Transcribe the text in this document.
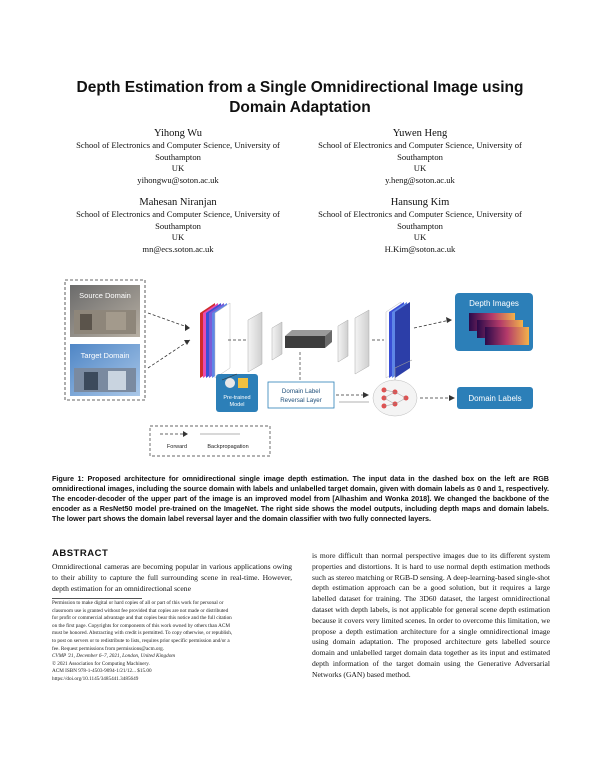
Depth Estimation from a Single Omnidirectional Image using
Domain Adaptation
Yihong Wu
School of Electronics and Computer Science, University of
Southampton
UK
yihongwu@soton.ac.uk
Yuwen Heng
School of Electronics and Computer Science, University of
Southampton
UK
y.heng@soton.ac.uk
Mahesan Niranjan
School of Electronics and Computer Science, University of
Southampton
UK
mn@ecs.soton.ac.uk
Hansung Kim
School of Electronics and Computer Science, University of
Southampton
UK
H.Kim@soton.ac.uk
Source Domain
Target Domain
Depth Images
Pre-trained
Model
Domain Label
Reversal Layer	Domain Labels
Forward	Backpropagation
Figure 1: Proposed architecture for omnidirectional single image depth estimation. The input data in the dashed box on the left are RGB omnidirectional images, including the source domain with labels and unlabelled target domain, given with domain labels as 0 and 1, respectively. The encoder-decoder of the upper part of the image is an improved model from [Alhashim and Wonka 2018]. We changed the backbone of the encoder as a ResNet50 model pre-trained on the ImageNet. The right side shows the model outputs, including depth maps and domain labels. The lower part shows the domain label reversal layer and the domain classifier with two fully connected layers.
ABSTRACT
Omnidirectional cameras are becoming popular in various applications owing to their ability to capture the full surrounding scene in real-time. However, depth estimation for an omnidirectional scene
Permission to make digital or hard copies of all or part of this work for personal or
classroom use is granted without fee provided that copies are not made or distributed
for profit or commercial advantage and that copies bear this notice and the full citation
on the first page. Copyrights for components of this work owned by others than ACM
must be honored. Abstracting with credit is permitted. To copy otherwise, or republish,
to post on servers or to redistribute to lists, requires prior specific permission and/or a
fee. Request permissions from permissions@acm.org.
CVMP '21, December 6–7, 2021, London, United Kingdom
© 2021 Association for Computing Machinery.
ACM ISBN 978-1-4503-9094-1/21/12... $15.00
https://doi.org/10.1145/3485441.3485649
is more difficult than normal perspective images due to its different system properties and distortions. It is hard to use normal depth estimation methods such as stereo matching or RGB-D sensing. A deep-learning-based single-shot depth estimation approach can be a good solution, but it requires a large labelled dataset for training. The 3D60 dataset, the largest omnidirectional dataset with depth labels, is not applicable for general scene depth estimation because it covers very limited scenes. In order to overcome this limitation, we propose a depth estimation architecture for a single omnidirectional image using domain adaptation. The proposed architecture gets labelled source domain and unlabelled target domain data together as its input and estimated depth information of the target domain using the Generative Adversarial Networks (GAN) based method.
